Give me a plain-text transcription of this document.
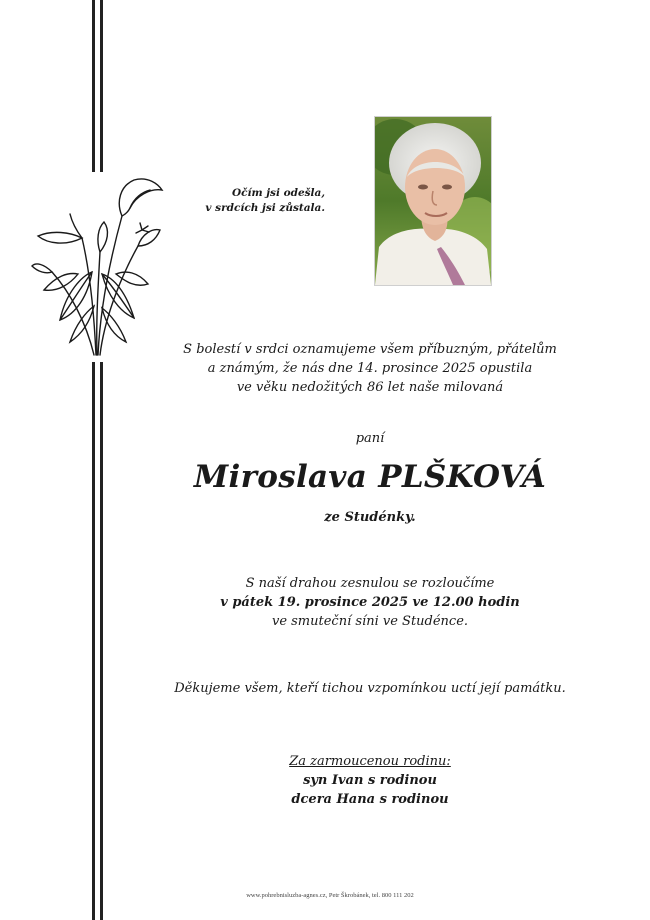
Očím jsi odešla,
v srdcích jsi zůstala.
S bolestí v srdci oznamujeme všem příbuzným, přátelům
a známým, že nás dne 14. prosince 2025 opustila
ve věku nedožitých 86 let naše milovaná
paní
Miroslava PLŠKOVÁ
ze Studénky.
S naší drahou zesnulou se rozloučíme
v pátek 19. prosince 2025 ve 12.00 hodin
ve smuteční síni ve Studénce.
Děkujeme všem, kteří tichou vzpomínkou uctí její památku.
Za zarmoucenou rodinu:
syn Ivan s rodinou
dcera Hana s rodinou
www.pohrebnisluzba-agnes.cz, Petr Škrobánek, tel. 800 111 202
